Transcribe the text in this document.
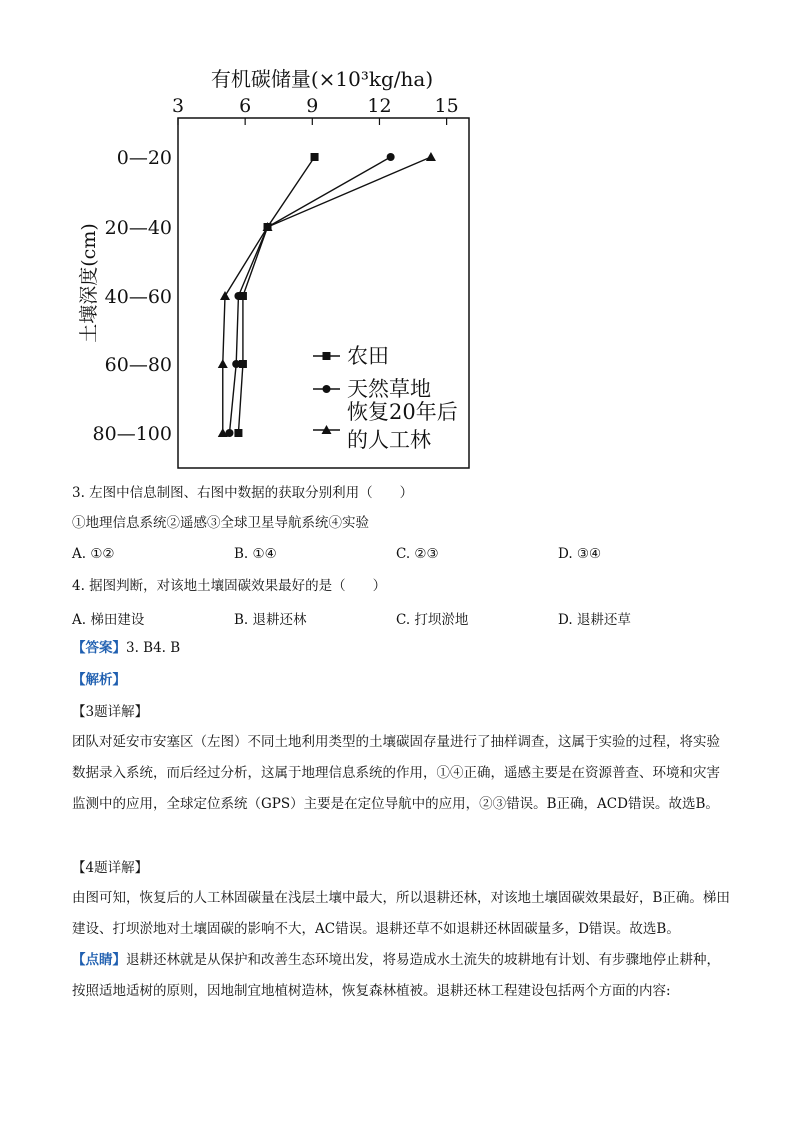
有机碳储量(×10³kg/ha)
土壤深度(cm)
3	6	9	12 15
0—20
20—40
40—60
60—80
80—100
农田
天然草地
恢复20年后
的人工林
3. 左图中信息制图、右图中数据的获取分别利用（　　）
①地理信息系统②遥感③全球卫星导航系统④实验
A. ①②	B. ①④	C. ②③	D. ③④
4. 据图判断，对该地土壤固碳效果最好的是（　　）
A. 梯田建设	B. 退耕还林	C. 打坝淤地	D. 退耕还草
【答案】3. B4. B
【解析】
【3题详解】
团队对延安市安塞区（左图）不同土地利用类型的土壤碳固存量进行了抽样调查，这属于实验的过程，将实验数据录入系统，而后经过分析，这属于地理信息系统的作用，①④正确，遥感主要是在资源普查、环境和灾害监测中的应用，全球定位系统（GPS）主要是在定位导航中的应用，②③错误。B正确，ACD错误。故选B。
【4题详解】
由图可知，恢复后的人工林固碳量在浅层土壤中最大，所以退耕还林，对该地土壤固碳效果最好，B正确。梯田建设、打坝淤地对土壤固碳的影响不大，AC错误。退耕还草不如退耕还林固碳量多，D错误。故选B。
【点睛】退耕还林就是从保护和改善生态环境出发，将易造成水土流失的坡耕地有计划、有步骤地停止耕种，按照适地适树的原则，因地制宜地植树造林，恢复森林植被。退耕还林工程建设包括两个方面的内容:
